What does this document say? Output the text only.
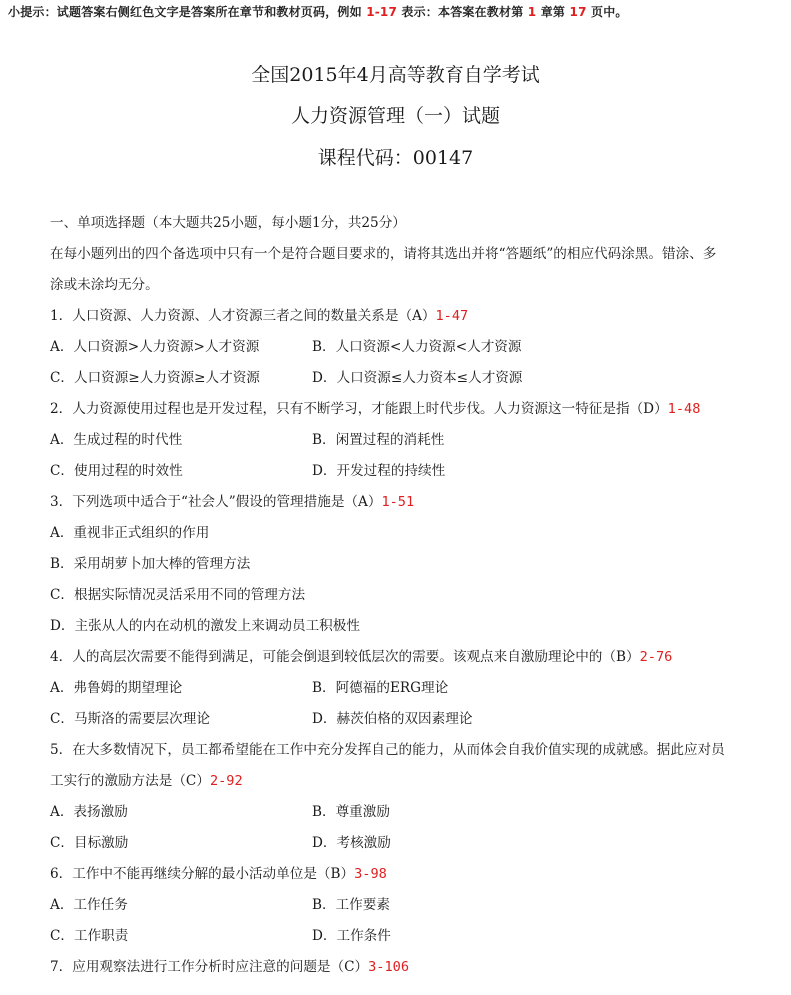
小提示：试题答案右侧红色文字是答案所在章节和教材页码，例如 1-17 表示：本答案在教材第 1 章第 17 页中。
全国2015年4月高等教育自学考试
人力资源管理（一）试题
课程代码：00147
一、单项选择题（本大题共25小题，每小题1分，共25分）
在每小题列出的四个备选项中只有一个是符合题目要求的，请将其选出并将“答题纸”的相应代码涂黑。错涂、多
涂或未涂均无分。
1．人口资源、人力资源、人才资源三者之间的数量关系是（A）1-47
A．人口资源>人力资源>人才资源	B．人口资源<人力资源<人才资源
C．人口资源≥人力资源≥人才资源	D．人口资源≤人力资本≤人才资源
2．人力资源使用过程也是开发过程，只有不断学习，才能跟上时代步伐。人力资源这一特征是指（D）1-48
A．生成过程的时代性	B．闲置过程的消耗性
C．使用过程的时效性	D．开发过程的持续性
3．下列选项中适合于“社会人”假设的管理措施是（A）1-51
A．重视非正式组织的作用
B．采用胡萝卜加大棒的管理方法
C．根据实际情况灵活采用不同的管理方法
D．主张从人的内在动机的激发上来调动员工积极性
4．人的高层次需要不能得到满足，可能会倒退到较低层次的需要。该观点来自激励理论中的（B）2-76
A．弗鲁姆的期望理论	B．阿德福的ERG理论
C．马斯洛的需要层次理论	D．赫茨伯格的双因素理论
5．在大多数情况下，员工都希望能在工作中充分发挥自己的能力，从而体会自我价值实现的成就感。据此应对员
工实行的激励方法是（C）2-92
A．表扬激励	B．尊重激励
C．目标激励	D．考核激励
6．工作中不能再继续分解的最小活动单位是（B）3-98
A．工作任务	B．工作要素
C．工作职责	D．工作条件
7．应用观察法进行工作分析时应注意的问题是（C）3-106
